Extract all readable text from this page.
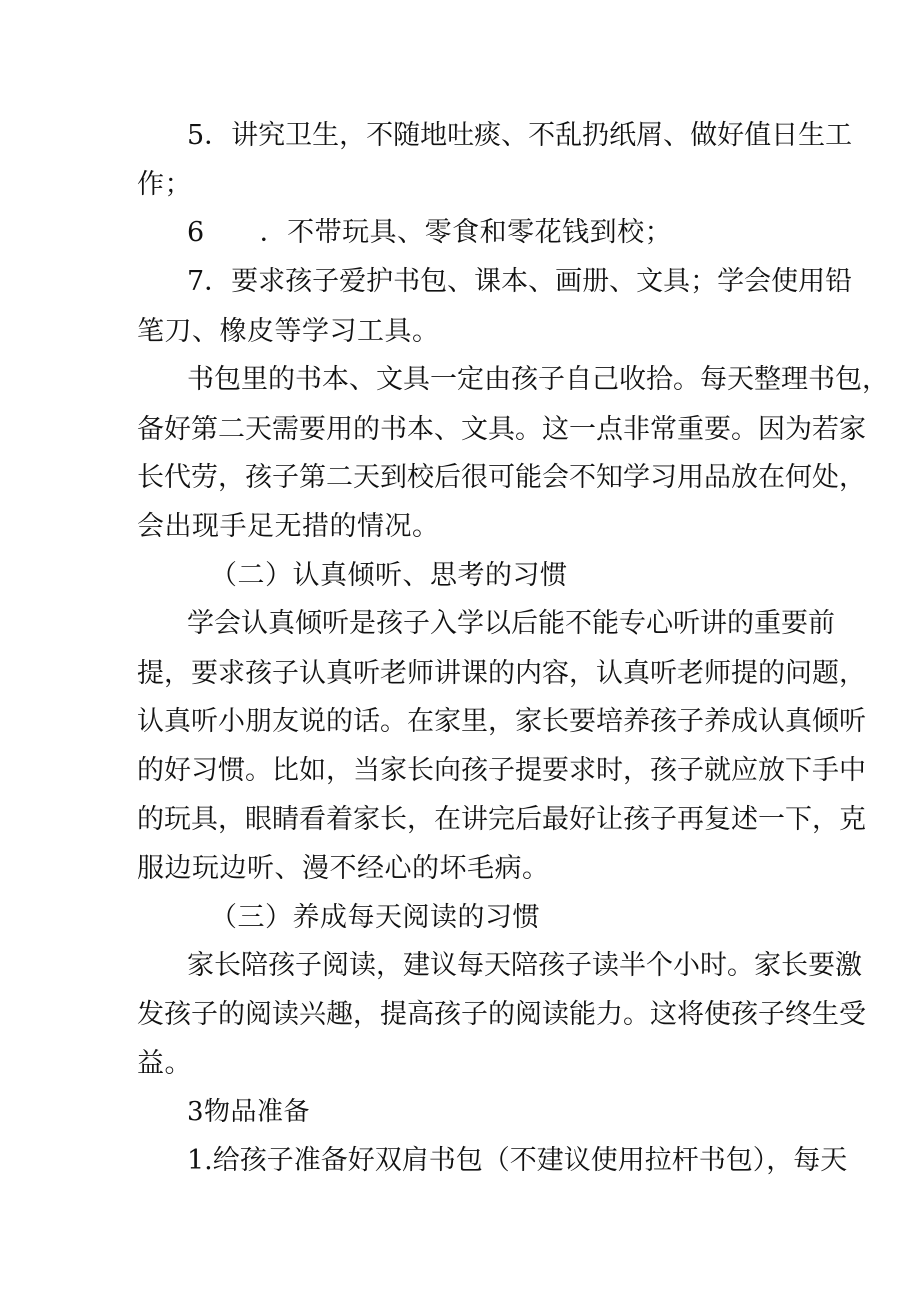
5．讲究卫生，不随地吐痰、不乱扔纸屑、做好值日生工
作；
6　　．不带玩具、零食和零花钱到校；
7．要求孩子爱护书包、课本、画册、文具；学会使用铅
笔刀、橡皮等学习工具。
书包里的书本、文具一定由孩子自己收拾。每天整理书包，
备好第二天需要用的书本、文具。这一点非常重要。因为若家
长代劳，孩子第二天到校后很可能会不知学习用品放在何处，
会出现手足无措的情况。
（二）认真倾听、思考的习惯
学会认真倾听是孩子入学以后能不能专心听讲的重要前
提，要求孩子认真听老师讲课的内容，认真听老师提的问题，
认真听小朋友说的话。在家里，家长要培养孩子养成认真倾听
的好习惯。比如，当家长向孩子提要求时，孩子就应放下手中
的玩具，眼睛看着家长，在讲完后最好让孩子再复述一下，克
服边玩边听、漫不经心的坏毛病。
（三）养成每天阅读的习惯
家长陪孩子阅读，建议每天陪孩子读半个小时。家长要激
发孩子的阅读兴趣，提高孩子的阅读能力。这将使孩子终生受
益。
3物品准备
1.给孩子准备好双肩书包（不建议使用拉杆书包），每天
